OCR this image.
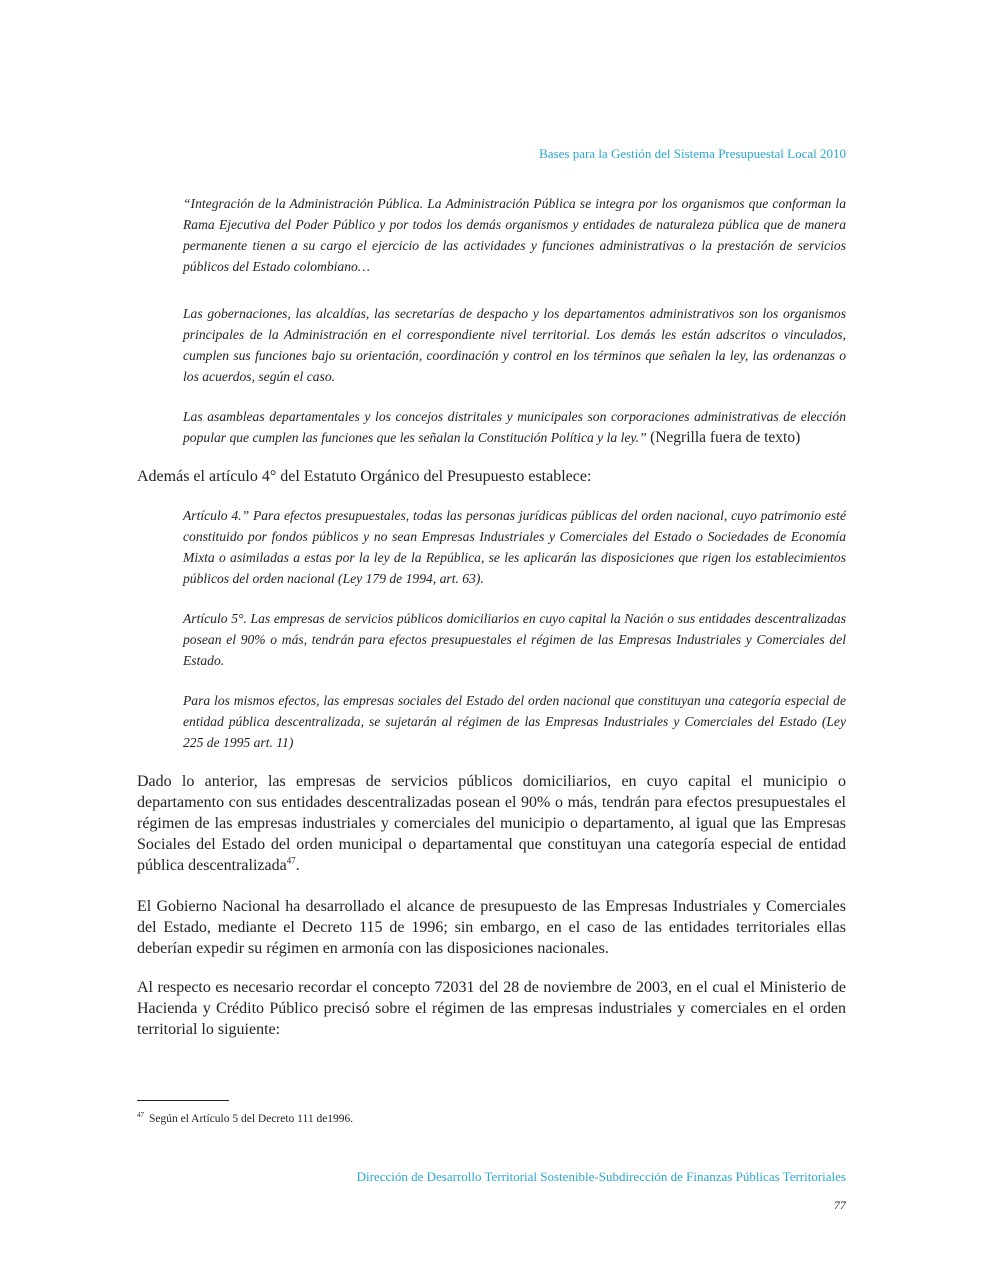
Bases para la Gestión del Sistema Presupuestal Local 2010

“Integración de la Administración Pública. La Administración Pública se integra por los organismos que conforman la Rama Ejecutiva del Poder Público y por todos los demás organismos y entidades de naturaleza pública que de manera permanente tienen a su cargo el ejercicio de las actividades y funciones administrativas o la prestación de servicios públicos del Estado colombiano…

Las gobernaciones, las alcaldías, las secretarías de despacho y los departamentos administrativos son los organismos principales de la Administración en el correspondiente nivel territorial. Los demás les están adscritos o vinculados, cumplen sus funciones bajo su orientación, coordinación y control en los términos que señalen la ley, las ordenanzas o los acuerdos, según el caso.

Las asambleas departamentales y los concejos distritales y municipales son corporaciones administrativas de elección popular que cumplen las funciones que les señalan la Constitución Política y la ley.” (Negrilla fuera de texto)

Además el artículo 4° del Estatuto Orgánico del Presupuesto establece:

Artículo 4.” Para efectos presupuestales, todas las personas jurídicas públicas del orden nacional, cuyo patrimonio esté constituido por fondos públicos y no sean Empresas Industriales y Comerciales del Estado o Sociedades de Economía Mixta o asimiladas a estas por la ley de la República, se les aplicarán las disposiciones que rigen los establecimientos públicos del orden nacional (Ley 179 de 1994, art. 63).

Artículo 5°. Las empresas de servicios públicos domiciliarios en cuyo capital la Nación o sus entidades descentralizadas posean el 90% o más, tendrán para efectos presupuestales el régimen de las Empresas Industriales y Comerciales del Estado.

Para los mismos efectos, las empresas sociales del Estado del orden nacional que constituyan una categoría especial de entidad pública descentralizada, se sujetarán al régimen de las Empresas Industriales y Comerciales del Estado (Ley 225 de 1995 art. 11)

Dado lo anterior, las empresas de servicios públicos domiciliarios, en cuyo capital el municipio o departamento con sus entidades descentralizadas posean el 90% o más, tendrán para efectos presupuestales el régimen de las empresas industriales y comerciales del municipio o departamento, al igual que las Empresas Sociales del Estado del orden municipal o departamental que constituyan una categoría especial de entidad pública descentralizada$^{47}$.

El Gobierno Nacional ha desarrollado el alcance de presupuesto de las Empresas Industriales y Comerciales del Estado, mediante el Decreto 115 de 1996; sin embargo, en el caso de las entidades territoriales ellas deberían expedir su régimen en armonía con las disposiciones nacionales.

Al respecto es necesario recordar el concepto 72031 del 28 de noviembre de 2003, en el cual el Ministerio de Hacienda y Crédito Público precisó sobre el régimen de las empresas industriales y comerciales en el orden territorial lo siguiente:

$^{47}$ Según el Artículo 5 del Decreto 111 de1996.
Dirección de Desarrollo Territorial Sostenible-Subdirección de Finanzas Públicas Territoriales
77
